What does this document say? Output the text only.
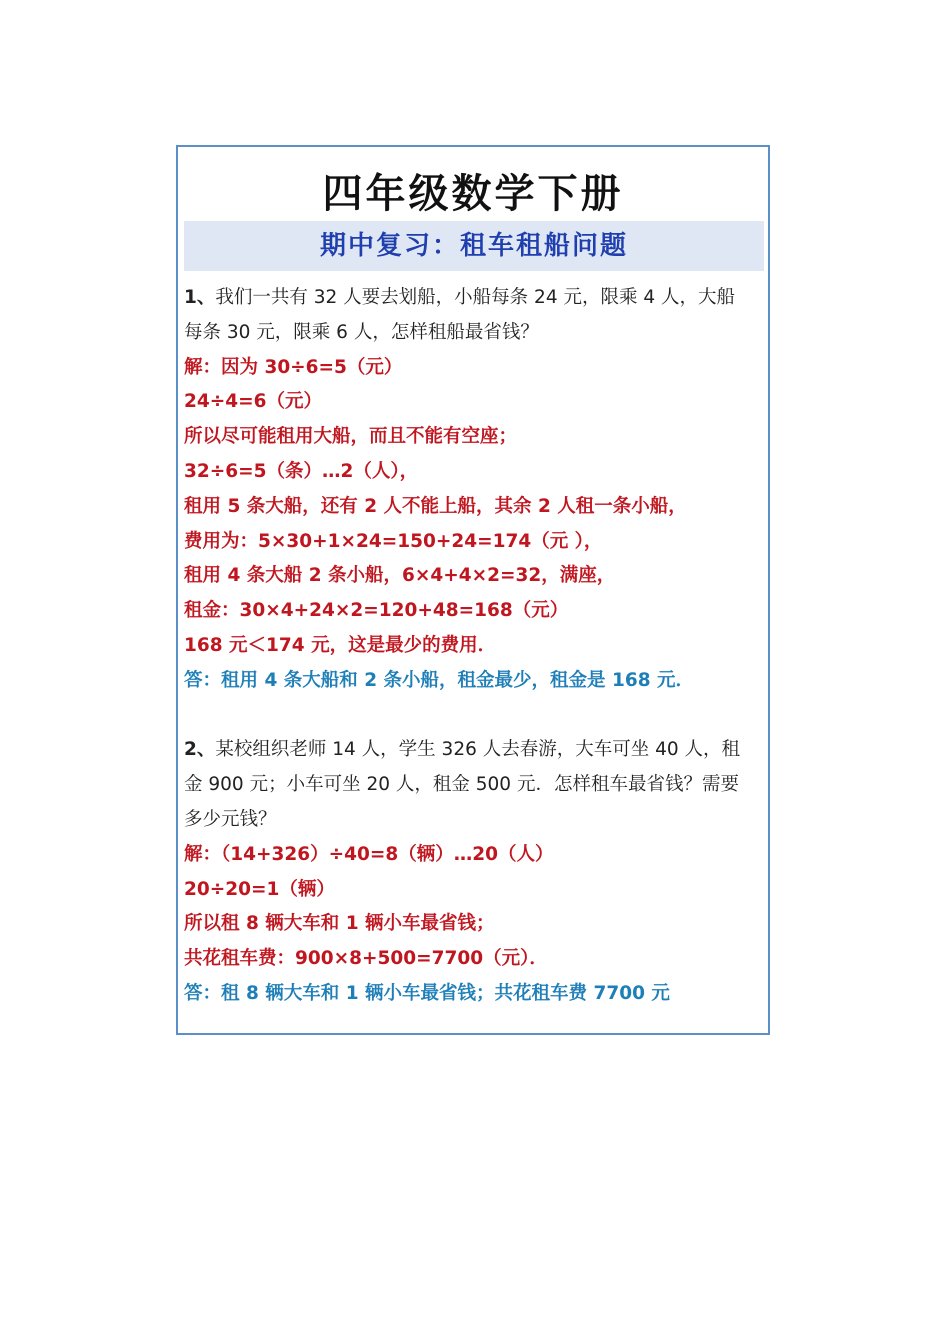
四年级数学下册
期中复习：租车租船问题
1、我们一共有 32 人要去划船，小船每条 24 元，限乘 4 人，大船
每条 30 元，限乘 6 人，怎样租船最省钱？
解：因为 30÷6=5（元）
24÷4=6（元）
所以尽可能租用大船，而且不能有空座；
32÷6=5（条）…2（人），
租用 5 条大船，还有 2 人不能上船，其余 2 人租一条小船，
费用为：5×30+1×24=150+24=174（元 ），
租用 4 条大船 2 条小船，6×4+4×2=32，满座，
租金：30×4+24×2=120+48=168（元）
168 元＜174 元，这是最少的费用．
答：租用 4 条大船和 2 条小船，租金最少，租金是 168 元．
2、某校组织老师 14 人，学生 326 人去春游，大车可坐 40 人，租
金 900 元；小车可坐 20 人，租金 500 元．怎样租车最省钱？需要
多少元钱？
解：（14+326）÷40=8（辆）…20（人）
20÷20=1（辆）
所以租 8 辆大车和 1 辆小车最省钱；
共花租车费：900×8+500=7700（元）．
答：租 8 辆大车和 1 辆小车最省钱；共花租车费 7700 元
